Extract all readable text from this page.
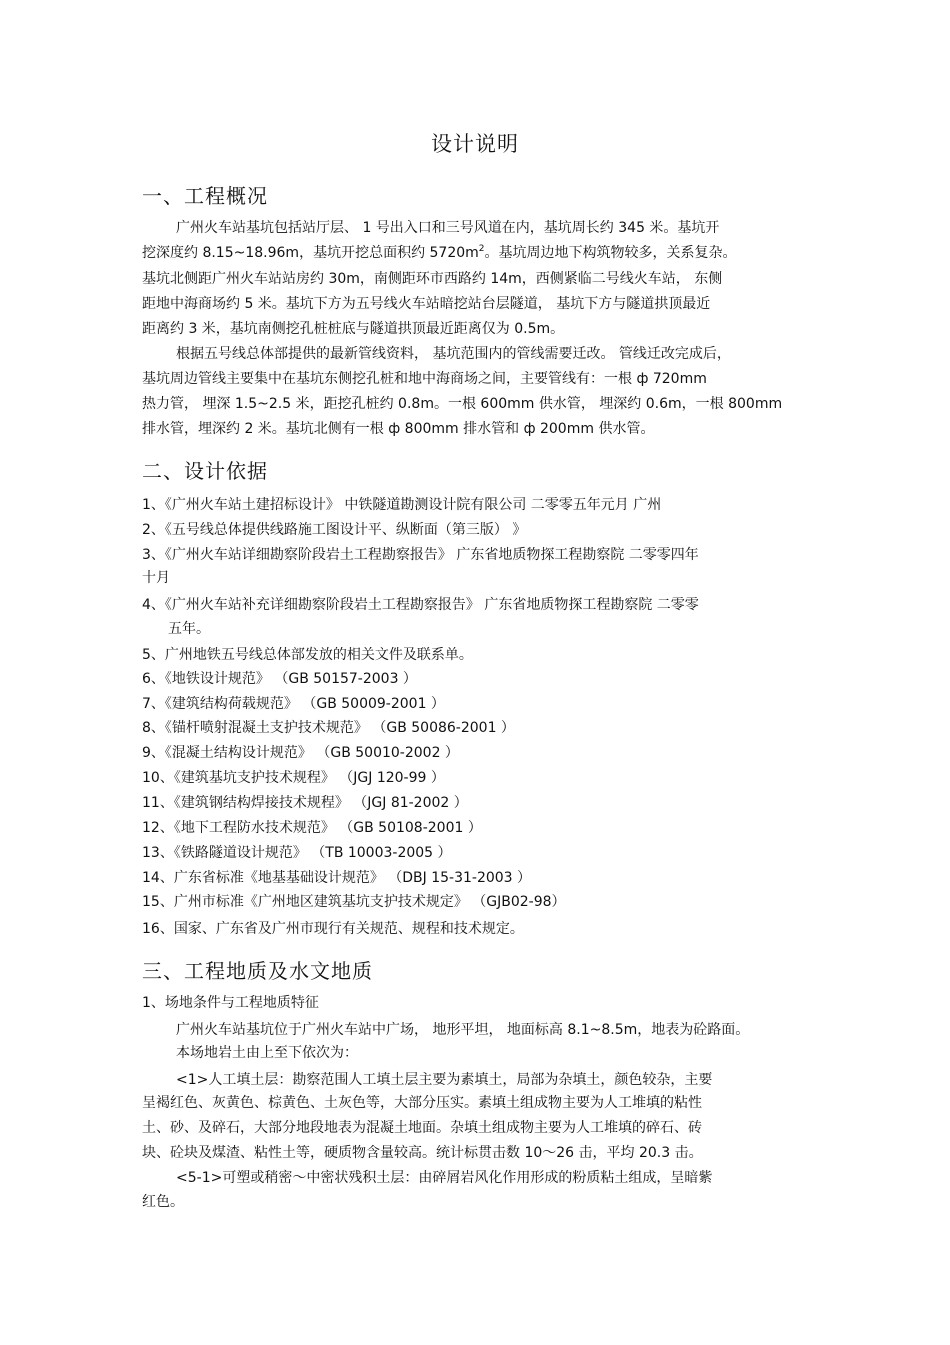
设计说明
一、工程概况
广州火车站基坑包括站厅层、 1 号出入口和三号风道在内，基坑周长约 345 米。基坑开
挖深度约 8.15~18.96m，基坑开挖总面积约 $5720m^2$。基坑周边地下构筑物较多，关系复杂。
基坑北侧距广州火车站站房约 30m，南侧距环市西路约 14m，西侧紧临二号线火车站， 东侧
距地中海商场约 5 米。基坑下方为五号线火车站暗挖站台层隧道， 基坑下方与隧道拱顶最近
距离约 3 米，基坑南侧挖孔桩桩底与隧道拱顶最近距离仅为 0.5m。
根据五号线总体部提供的最新管线资料， 基坑范围内的管线需要迁改。 管线迁改完成后，
基坑周边管线主要集中在基坑东侧挖孔桩和地中海商场之间，主要管线有：一根 ф 720mm
热力管， 埋深 1.5~2.5 米，距挖孔桩约 0.8m。一根 600mm 供水管， 埋深约 0.6m，一根 800mm
排水管，埋深约 2 米。基坑北侧有一根 ф 800mm 排水管和 ф 200mm 供水管。
二、设计依据
1、《广州火车站土建招标设计》 中铁隧道勘测设计院有限公司 二零零五年元月 广州
2、《五号线总体提供线路施工图设计平、纵断面（第三版） 》
3、《广州火车站详细勘察阶段岩土工程勘察报告》 广东省地质物探工程勘察院 二零零四年
十月
4、《广州火车站补充详细勘察阶段岩土工程勘察报告》 广东省地质物探工程勘察院 二零零
五年。
5、广州地铁五号线总体部发放的相关文件及联系单。
6、《地铁设计规范》 （GB 50157-2003 ）
7、《建筑结构荷载规范》 （GB 50009-2001 ）
8、《锚杆喷射混凝土支护技术规范》 （GB 50086-2001 ）
9、《混凝土结构设计规范》 （GB 50010-2002 ）
10、《建筑基坑支护技术规程》 （JGJ 120-99 ）
11、《建筑钢结构焊接技术规程》 （JGJ 81-2002 ）
12、《地下工程防水技术规范》 （GB 50108-2001 ）
13、《铁路隧道设计规范》 （TB 10003-2005 ）
14、广东省标准《地基基础设计规范》 （DBJ 15-31-2003 ）
15、广州市标准《广州地区建筑基坑支护技术规定》 （GJB02-98）
16、国家、广东省及广州市现行有关规范、规程和技术规定。
三、工程地质及水文地质
1、场地条件与工程地质特征
广州火车站基坑位于广州火车站中广场， 地形平坦， 地面标高 8.1~8.5m，地表为砼路面。
本场地岩土由上至下依次为：
<1>人工填土层：勘察范围人工填土层主要为素填土，局部为杂填土，颜色较杂，主要
呈褐红色、灰黄色、棕黄色、土灰色等，大部分压实。素填土组成物主要为人工堆填的粘性
土、砂、及碎石，大部分地段地表为混凝土地面。杂填土组成物主要为人工堆填的碎石、砖
块、砼块及煤渣、粘性土等，硬质物含量较高。统计标贯击数 10～26 击，平均 20.3 击。
<5-1>可塑或稍密～中密状残积土层：由碎屑岩风化作用形成的粉质粘土组成，呈暗紫
红色。
